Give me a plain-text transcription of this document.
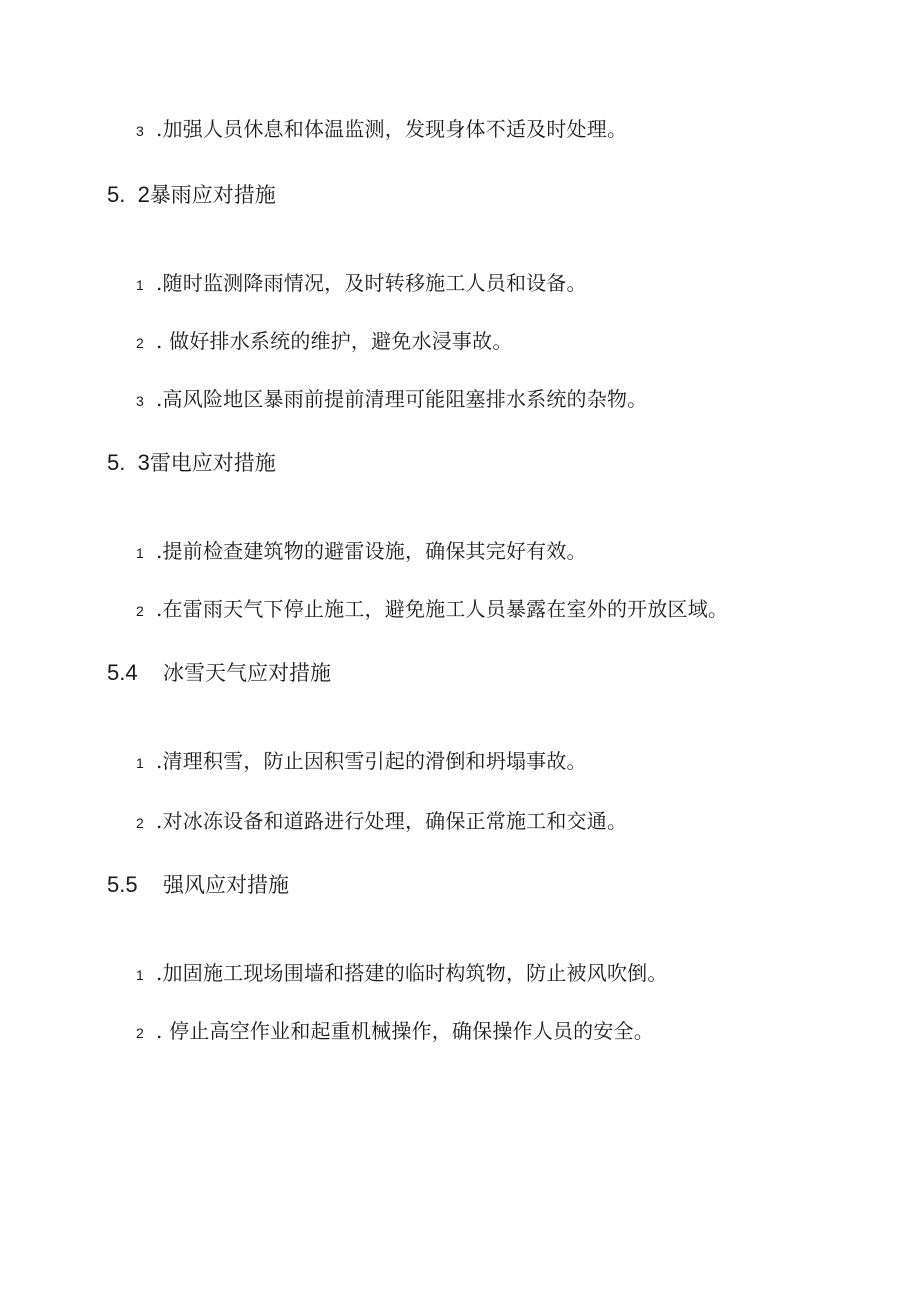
3 .加强人员休息和体温监测，发现身体不适及时处理。
5.  2暴雨应对措施
1 .随时监测降雨情况，及时转移施工人员和设备。
2 . 做好排水系统的维护，避免水浸事故。
3 .高风险地区暴雨前提前清理可能阻塞排水系统的杂物。
5.  3雷电应对措施
1 .提前检查建筑物的避雷设施，确保其完好有效。
2 .在雷雨天气下停止施工，避免施工人员暴露在室外的开放区域。
5.4 冰雪天气应对措施
1 .清理积雪，防止因积雪引起的滑倒和坍塌事故。
2 .对冰冻设备和道路进行处理，确保正常施工和交通。
5.5 强风应对措施
1 .加固施工现场围墙和搭建的临时构筑物，防止被风吹倒。
2 . 停止高空作业和起重机械操作，确保操作人员的安全。
